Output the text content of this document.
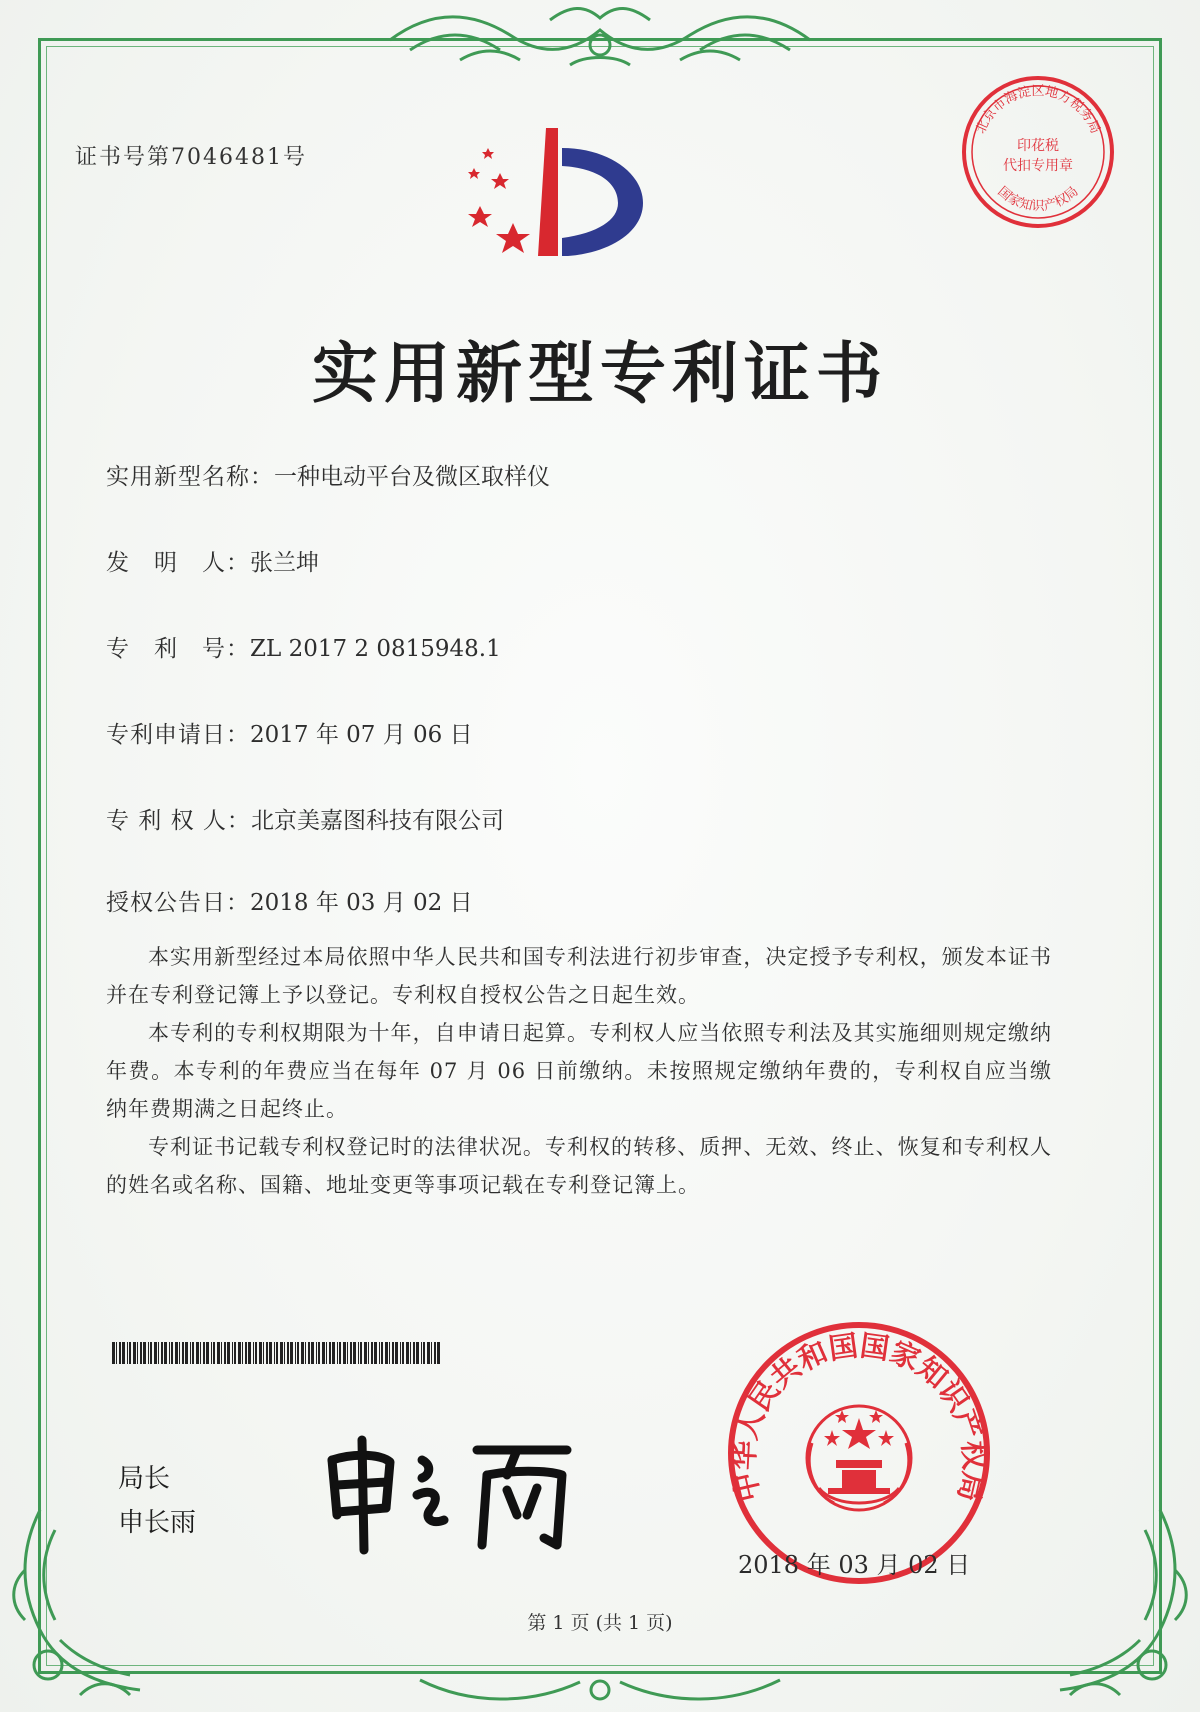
证书号第7046481号	印花税
代扣专用章
北京市海淀区地方税务局
国家知识产权局
实用新型专利证书
实用新型名称：一种电动平台及微区取样仪
发　明　人：张兰坤
专　利　号：ZL 2017 2 0815948.1
专利申请日：2017 年 07 月 06 日
专 利 权 人：北京美嘉图科技有限公司
授权公告日：2018 年 03 月 02 日

本实用新型经过本局依照中华人民共和国专利法进行初步审查，决定授予专利权，颁发本证书并在专利登记簿上予以登记。专利权自授权公告之日起生效。

本专利的专利权期限为十年，自申请日起算。专利权人应当依照专利法及其实施细则规定缴纳年费。本专利的年费应当在每年 07 月 06 日前缴纳。未按照规定缴纳年费的，专利权自应当缴纳年费期满之日起终止。

专利证书记载专利权登记时的法律状况。专利权的转移、质押、无效、终止、恢复和专利权人的姓名或名称、国籍、地址变更等事项记载在专利登记簿上。

局长
申长雨
中华人民共和国国家知识产权局
2018 年 03 月 02 日
第 1 页 (共 1 页)
